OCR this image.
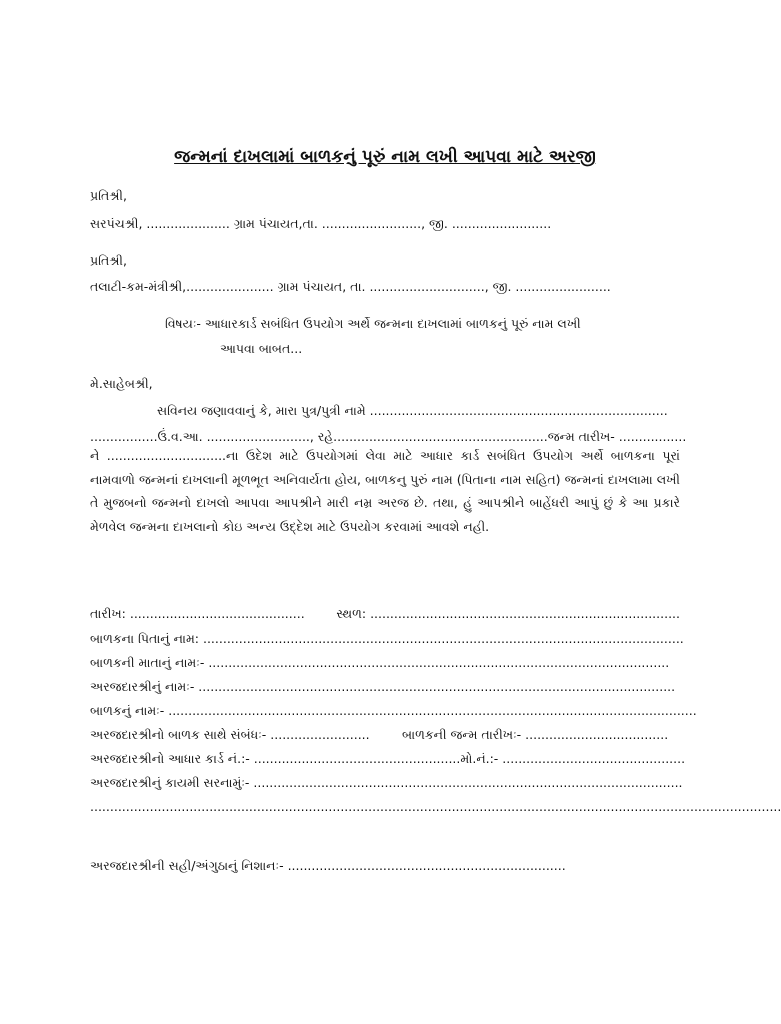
જન્મનાં દાખલામાં બાળકનું પૂરું નામ લખી આપવા માટે અરજી
પ્રતિશ્રી,
સરપંચશ્રી, ..................... ગ્રામ પંચાયત,તા. ........................., જી. .........................
પ્રતિશ્રી,
તલાટી-કમ-મંત્રીશ્રી,...................... ગ્રામ પંચાયત, તા. ............................., જી. ........................
વિષયઃ- આધારકાર્ડ સબંધિત ઉપયોગ અર્થે જન્મના દાખલામાં બાળકનું પૂરું નામ લખી
આપવા બાબત...
મે.સાહેબશ્રી,
સવિનય જણાવવાનું કે, મારા પુત્ર/પુત્રી નામે ...........................................................................
.................ઉં.વ.આ. .........................., રહે......................................................જન્મ તારીખ- .................
ને ..............................ના ઉદેશ માટે ઉપયોગમાં લેવા માટે આધાર કાર્ડ સબંધિત ઉપયોગ અર્થે બાળકના પૂરાં નામવાળો જન્મનાં દાખલાની મૂળભૂત અનિવાર્યતા હોય, બાળકનુ પુરું નામ (પિતાના નામ સહિત) જન્મનાં દાખલામા લખી તે મુજબનો જન્મનો દાખલો આપવા આપશ્રીને મારી નમ્ર અરજ છે. તથા, હું આપશ્રીને બાહેંધરી આપું છું કે આ પ્રકારે મેળવેલ જન્મના દાખલાનો કોઇ અન્ય ઉદ્દેશ માટે ઉપયોગ કરવામાં આવશે નહી.
તારીખ: ............................................	સ્થળ: ..............................................................................
બાળકના પિતાનું નામ: .........................................................................................................................
બાળકની માતાનું નામઃ- ....................................................................................................................
અરજદારશ્રીનું નામઃ- ........................................................................................................................
બાળકનું નામઃ- .....................................................................................................................................
અરજદારશ્રીનો બાળક સાથે સંબંધઃ- .........................	બાળકની જન્મ તારીખઃ- ....................................
અરજદારશ્રીનો આધાર કાર્ડ નં.:- .................................................... મો.નં.:- ..............................................
અરજદારશ્રીનું કાયમી સરનામુંઃ- ............................................................................................................
..............................................................................................................................................................................
અરજદારશ્રીની સહી/અંગુઠાનું નિશાનઃ- ......................................................................
